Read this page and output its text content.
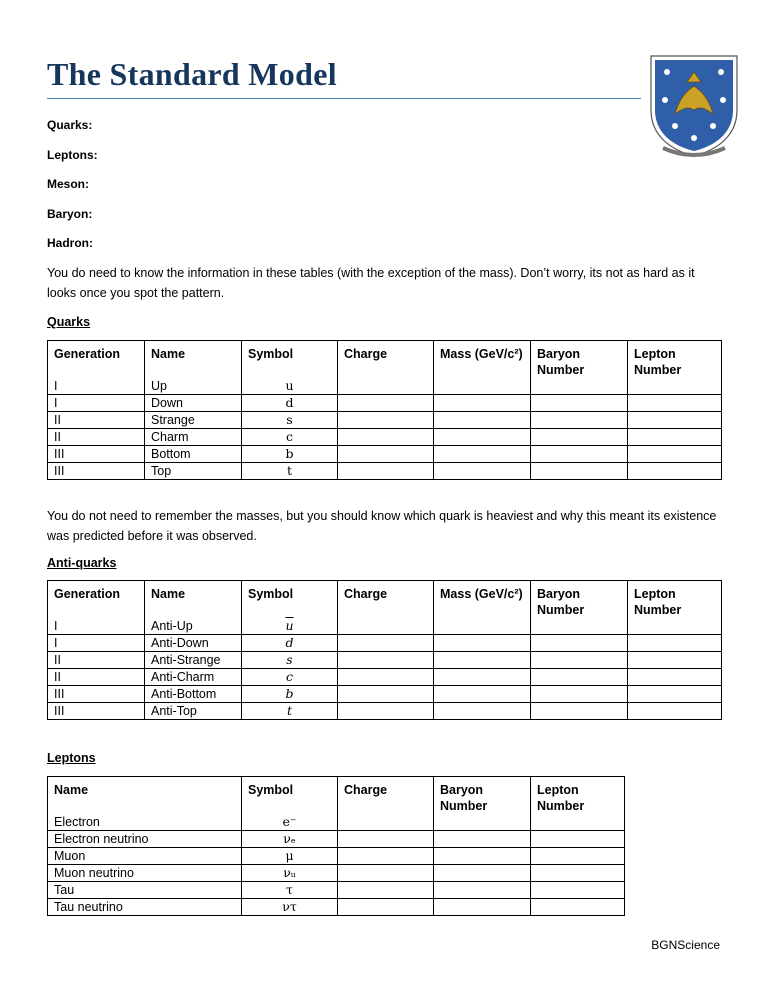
The Standard Model

Quarks:

Leptons:

Meson:

Baryon:

Hadron:

You do need to know the information in these tables (with the exception of the mass). Don’t worry, its not as hard as it looks once you spot the pattern.

Quarks

Generation	Name	Symbol	Charge	Mass (GeV/c²)	Baryon Number	Lepton Number

I	Up	u				
I	Down	d				
II	Strange	s				
II	Charm	c				
III	Bottom	b				
III	Top	t				

You do not need to remember the masses, but you should know which quark is heaviest and why this meant its existence was predicted before it was observed.

Anti-quarks

Generation	Name	Symbol	Charge	Mass (GeV/c²)	Baryon Number	Lepton Number

I	Anti-Up	$\overline{u}$				
I	Anti-Down	$\overline{d}$				
II	Anti-Strange	$\overline{s}$				
II	Anti-Charm	$\overline{c}$				
III	Anti-Bottom	$\overline{b}$				
III	Anti-Top	$\overline{t}$				

Leptons

Name	Symbol	Charge	Baryon Number	Lepton Number

Electron	e⁻			
Electron neutrino	νₑ			
Muon	μ			
Muon neutrino	νᵤ			
Tau	τ			
Tau neutrino	ντ			

BGNScience
